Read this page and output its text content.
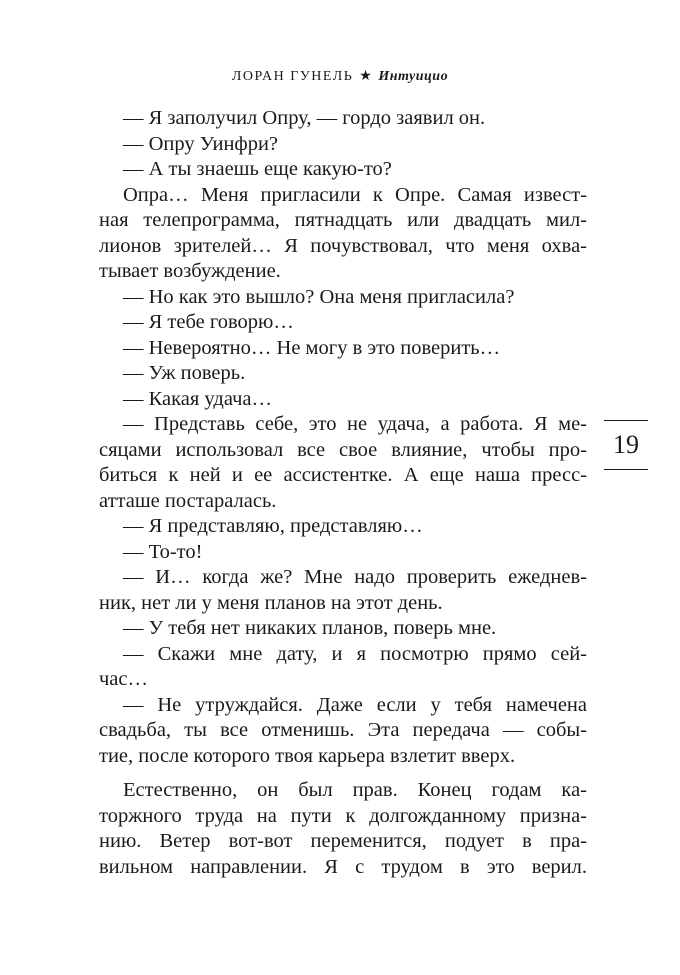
ЛОРАН ГУНЕЛЬ ★ Интуицио
— Я заполучил Опру, — гордо заявил он.
— Опру Уинфри?
— А ты знаешь еще какую-то?
Опра… Меня пригласили к Опре. Самая извест-
ная телепрограмма, пятнадцать или двадцать мил-
лионов зрителей… Я почувствовал, что меня охва-
тывает возбуждение.
— Но как это вышло? Она меня пригласила?
— Я тебе говорю…
— Невероятно… Не могу в это поверить…
— Уж поверь.
— Какая удача…
— Представь себе, это не удача, а работа. Я ме-
сяцами использовал все свое влияние, чтобы про-
биться к ней и ее ассистентке. А еще наша пресс-
атташе постаралась.
— Я представляю, представляю…
— То-то!
— И… когда же? Мне надо проверить ежеднев-
ник, нет ли у меня планов на этот день.
— У тебя нет никаких планов, поверь мне.
— Скажи мне дату, и я посмотрю прямо сей-
час…
— Не утруждайся. Даже если у тебя намечена
свадьба, ты все отменишь. Эта передача — собы-
тие, после которого твоя карьера взлетит вверх.
Естественно, он был прав. Конец годам ка-
торжного труда на пути к долгожданному призна-
нию. Ветер вот-вот переменится, подует в пра-
вильном направлении. Я с трудом в это верил.
19
